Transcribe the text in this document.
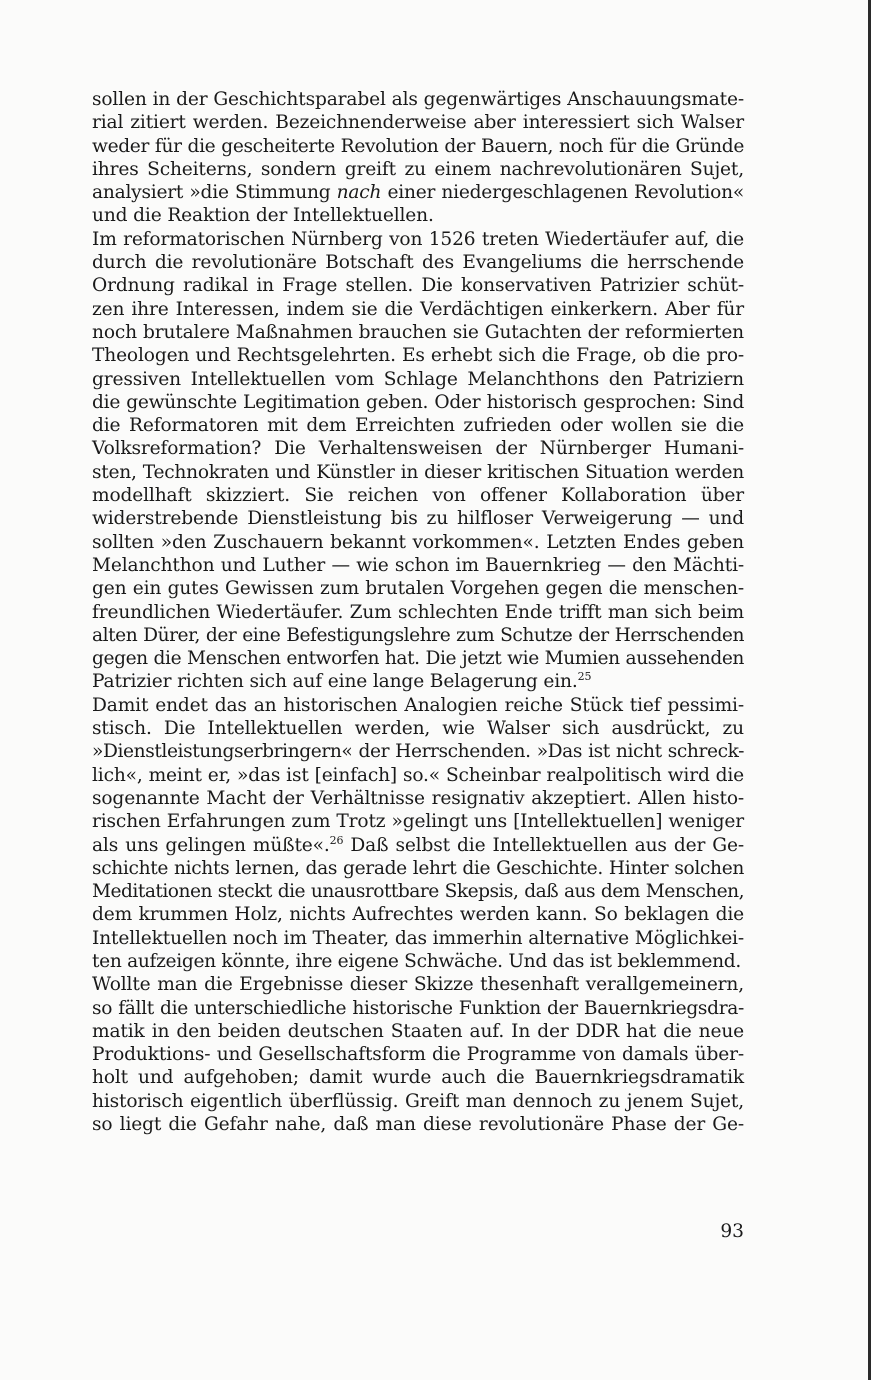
sollen in der Geschichtsparabel als gegenwärtiges Anschauungsmate-
rial zitiert werden. Bezeichnenderweise aber interessiert sich Walser
weder für die gescheiterte Revolution der Bauern, noch für die Gründe
ihres Scheiterns, sondern greift zu einem nachrevolutionären Sujet,
analysiert »die Stimmung nach einer niedergeschlagenen Revolution«
und die Reaktion der Intellektuellen.
Im reformatorischen Nürnberg von 1526 treten Wiedertäufer auf, die
durch die revolutionäre Botschaft des Evangeliums die herrschende
Ordnung radikal in Frage stellen. Die konservativen Patrizier schüt-
zen ihre Interessen, indem sie die Verdächtigen einkerkern. Aber für
noch brutalere Maßnahmen brauchen sie Gutachten der reformierten
Theologen und Rechtsgelehrten. Es erhebt sich die Frage, ob die pro-
gressiven Intellektuellen vom Schlage Melanchthons den Patriziern
die gewünschte Legitimation geben. Oder historisch gesprochen: Sind
die Reformatoren mit dem Erreichten zufrieden oder wollen sie die
Volksreformation? Die Verhaltensweisen der Nürnberger Humani-
sten, Technokraten und Künstler in dieser kritischen Situation werden
modellhaft skizziert. Sie reichen von offener Kollaboration über
widerstrebende Dienstleistung bis zu hilfloser Verweigerung — und
sollten »den Zuschauern bekannt vorkommen«. Letzten Endes geben
Melanchthon und Luther — wie schon im Bauernkrieg — den Mächti-
gen ein gutes Gewissen zum brutalen Vorgehen gegen die menschen-
freundlichen Wiedertäufer. Zum schlechten Ende trifft man sich beim
alten Dürer, der eine Befestigungslehre zum Schutze der Herrschenden
gegen die Menschen entworfen hat. Die jetzt wie Mumien aussehenden
Patrizier richten sich auf eine lange Belagerung ein.$^{25}$
Damit endet das an historischen Analogien reiche Stück tief pessimi-
stisch. Die Intellektuellen werden, wie Walser sich ausdrückt, zu
»Dienstleistungserbringern« der Herrschenden. »Das ist nicht schreck-
lich«, meint er, »das ist [einfach] so.« Scheinbar realpolitisch wird die
sogenannte Macht der Verhältnisse resignativ akzeptiert. Allen histo-
rischen Erfahrungen zum Trotz »gelingt uns [Intellektuellen] weniger
als uns gelingen müßte«.$^{26}$ Daß selbst die Intellektuellen aus der Ge-
schichte nichts lernen, das gerade lehrt die Geschichte. Hinter solchen
Meditationen steckt die unausrottbare Skepsis, daß aus dem Menschen,
dem krummen Holz, nichts Aufrechtes werden kann. So beklagen die
Intellektuellen noch im Theater, das immerhin alternative Möglichkei-
ten aufzeigen könnte, ihre eigene Schwäche. Und das ist beklemmend.
Wollte man die Ergebnisse dieser Skizze thesenhaft verallgemeinern,
so fällt die unterschiedliche historische Funktion der Bauernkriegsdra-
matik in den beiden deutschen Staaten auf. In der DDR hat die neue
Produktions- und Gesellschaftsform die Programme von damals über-
holt und aufgehoben; damit wurde auch die Bauernkriegsdramatik
historisch eigentlich überflüssig. Greift man dennoch zu jenem Sujet,
so liegt die Gefahr nahe, daß man diese revolutionäre Phase der Ge-
93
